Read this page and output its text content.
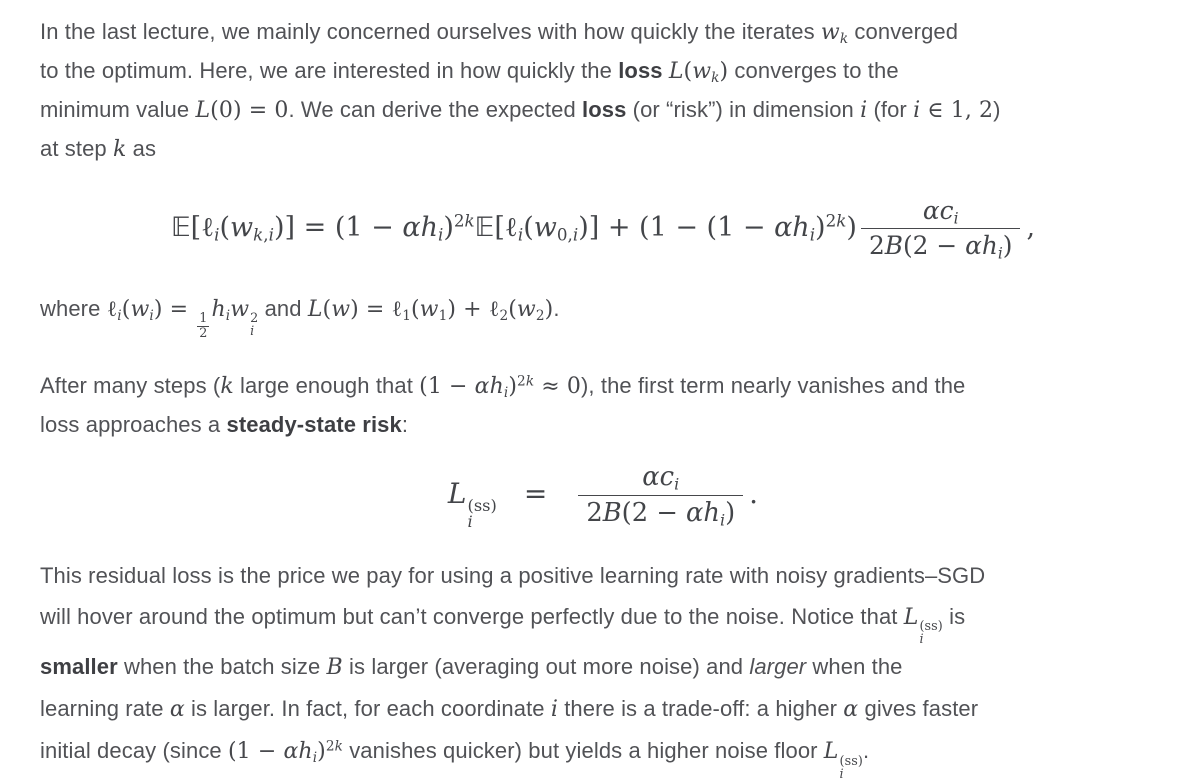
In the last lecture, we mainly concerned ourselves with how quickly the iterates $w_k$ converged
to the optimum. Here, we are interested in how quickly the loss $L(w_k)$ converges to the
minimum value L(0) = 0. We can derive the expected loss (or “risk”) in dimension i (for i ∈ 1, 2)
at step k as

$𝔼[\ell_i(w_{k,i})] = (1$ − $\alpha h_i)^{2k}𝔼[\ell_i(w_{0,i})] + (1 - (1 - \alpha h_i)^{2k}) \frac{\alpha c_i}{2B(2 - \alpha h_i)}$ ,

where $\ell_i(w_i)$ =
$\frac{1}{2}$
$h_iw$ 2
i
and $L(w) = \ell_1(w_1)$ + $\ell_2(w_2)$.

After many steps (k large enough that $(1 - \alpha h_i)^{2k} \approx 0$), the first term nearly vanishes and the
loss approaches a steady-state risk:

L (ss)
i
= $\frac{\alpha c_i}{2B(2 - \alpha h_i)}$ .

This residual loss is the price we pay for using a positive learning rate with noisy gradients–SGD
will hover around the optimum but can’t converge perfectly due to the noise. Notice that L (ss)
i
is
smaller when the batch size B is larger (averaging out more noise) and larger when the
learning rate α is larger. In fact, for each coordinate i there is a trade-off: a higher α gives faster
initial decay (since $(1 - \alpha h_i)^{2k}$ vanishes quicker) but yields a higher noise floor L (ss)
i
.
